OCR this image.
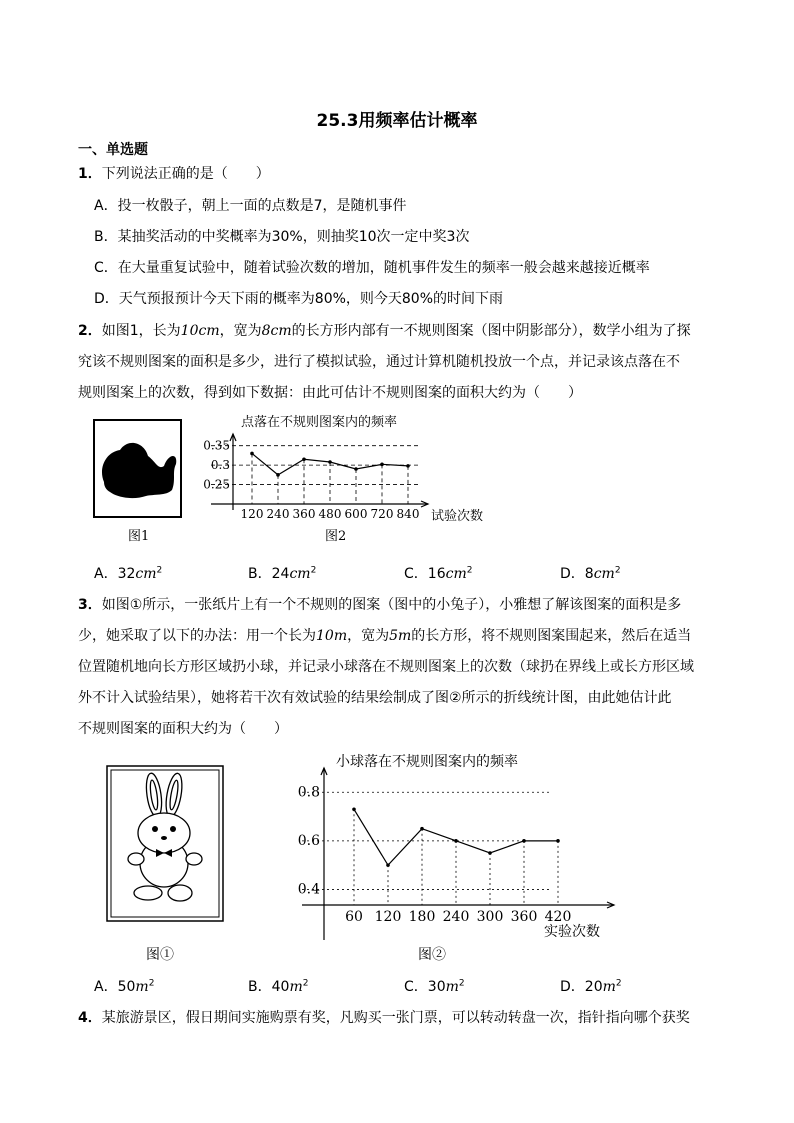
25.3用频率估计概率
一、单选题
1．下列说法正确的是（　　）
A．投一枚骰子，朝上一面的点数是7，是随机事件
B．某抽奖活动的中奖概率为30%，则抽奖10次一定中奖3次
C．在大量重复试验中，随着试验次数的增加，随机事件发生的频率一般会越来越接近概率
D．天气预报预计今天下雨的概率为80%，则今天80%的时间下雨
2．如图1，长为10cm，宽为8cm的长方形内部有一不规则图案（图中阴影部分），数学小组为了探
究该不规则图案的面积是多少，进行了模拟试验，通过计算机随机投放一个点，并记录该点落在不
规则图案上的次数，得到如下数据：由此可估计不规则图案的面积大约为（　　）
图1
点落在不规则图案内的频率
试验次数
0.35
0.3
0.25
120 240 360 480 600 720 840
图2
A．$32cm^2$	B．$24cm^2$	C．$16cm^2$	D．$8cm^2$
3．如图①所示，一张纸片上有一个不规则的图案（图中的小兔子），小雅想了解该图案的面积是多
少，她采取了以下的办法：用一个长为10m，宽为5m的长方形，将不规则图案围起来，然后在适当
位置随机地向长方形区域扔小球，并记录小球落在不规则图案上的次数（球扔在界线上或长方形区域
外不计入试验结果），她将若干次有效试验的结果绘制成了图②所示的折线统计图，由此她估计此
不规则图案的面积大约为（　　）
图①
小球落在不规则图案内的频率
实验次数
0.8
0.6
0.4
60 120 180 240 300 360 420
图②
A．$50m^2$	B．$40m^2$	C．$30m^2$	D．$20m^2$
4．某旅游景区，假日期间实施购票有奖，凡购买一张门票，可以转动转盘一次，指针指向哪个获奖
